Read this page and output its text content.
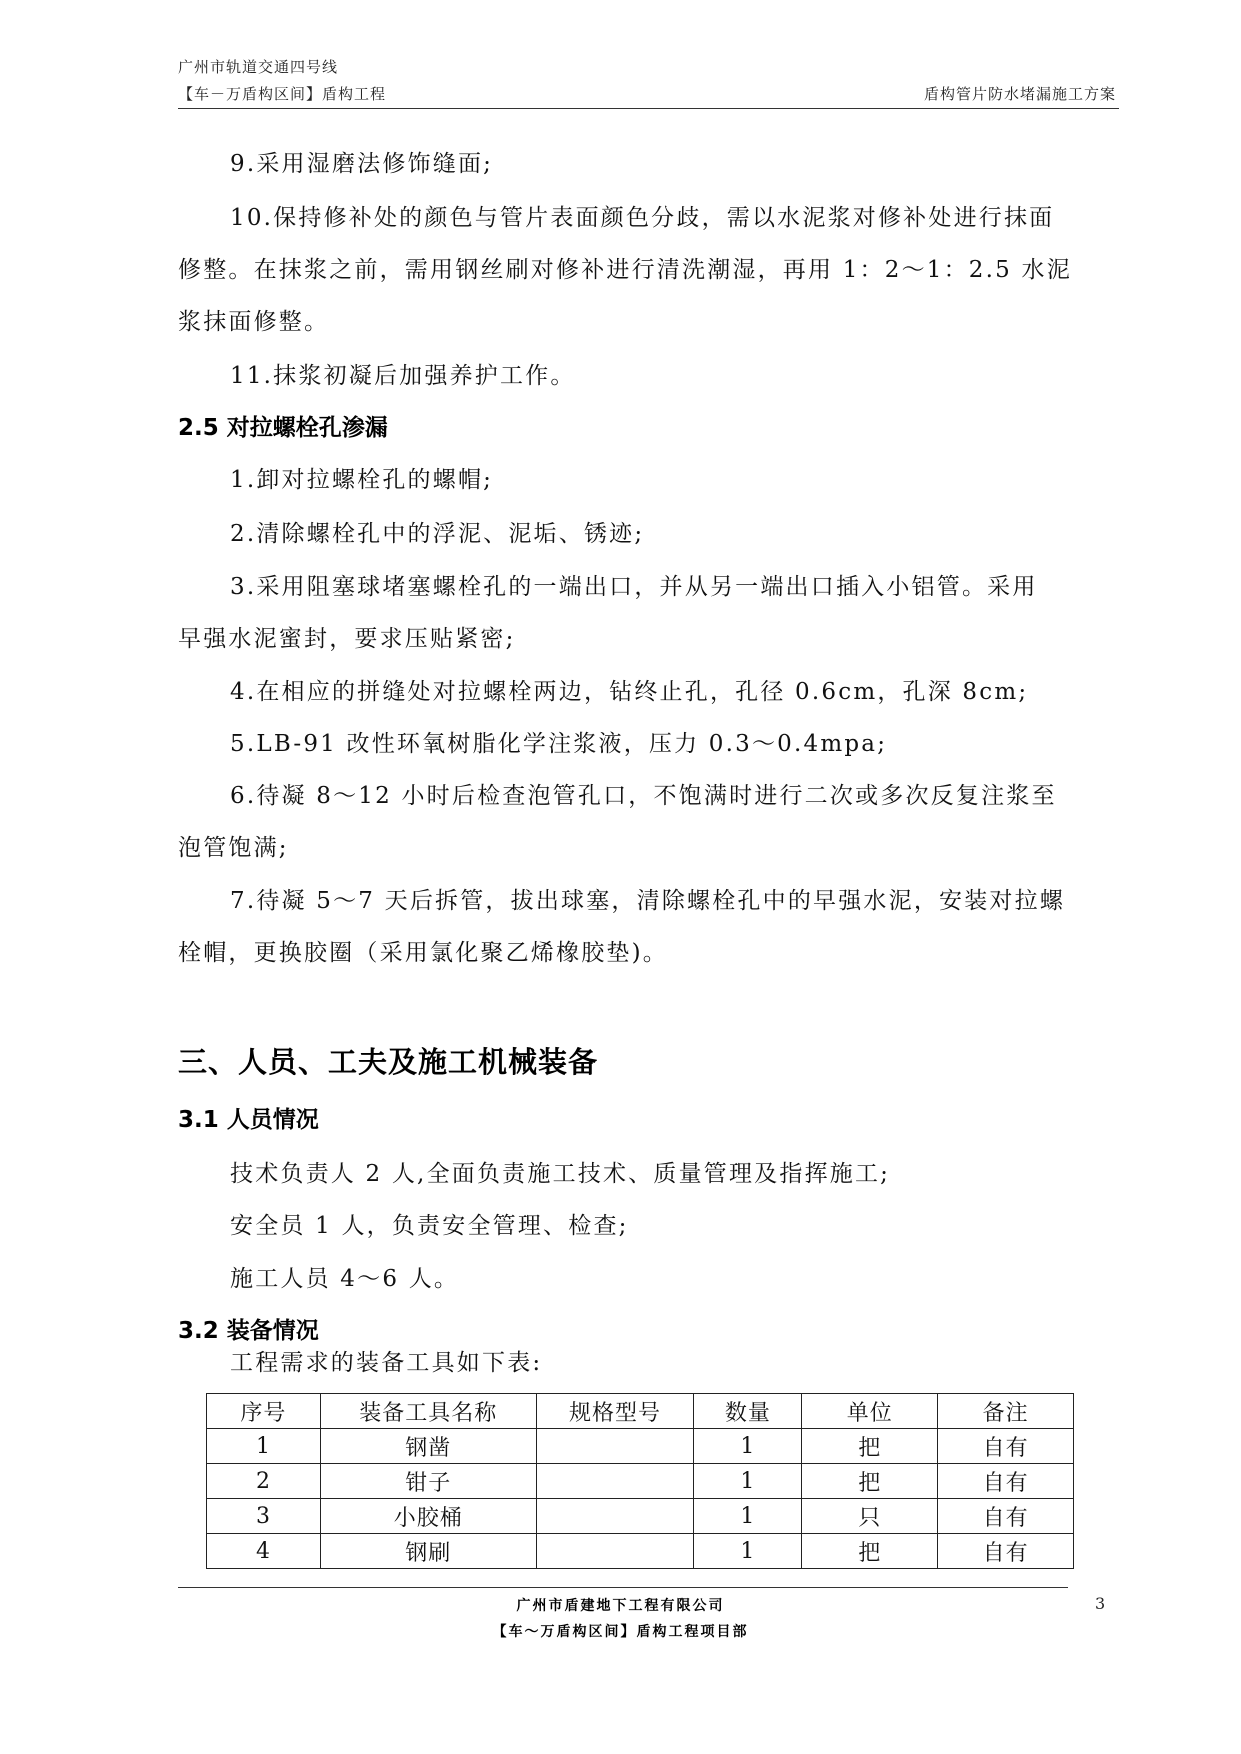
广州市轨道交通四号线
【车－万盾构区间】盾构工程	盾构管片防水堵漏施工方案
9.采用湿磨法修饰缝面;
10.保持修补处的颜色与管片表面颜色分歧，需以水泥浆对修补处进行抹面
修整。在抹浆之前，需用钢丝刷对修补进行清洗潮湿，再用 1：2～1：2.5 水泥
浆抹面修整。
11.抹浆初凝后加强养护工作。
2.5 对拉螺栓孔渗漏
1.卸对拉螺栓孔的螺帽;
2.清除螺栓孔中的浮泥、泥垢、锈迹;
3.采用阻塞球堵塞螺栓孔的一端出口，并从另一端出口插入小铝管。采用
早强水泥蜜封，要求压贴紧密;
4.在相应的拼缝处对拉螺栓两边，钻终止孔，孔径 0.6cm，孔深 8cm;
5.LB-91 改性环氧树脂化学注浆液，压力 0.3～0.4mpa;
6.待凝 8～12 小时后检查泡管孔口，不饱满时进行二次或多次反复注浆至
泡管饱满;
7.待凝 5～7 天后拆管，拔出球塞，清除螺栓孔中的早强水泥，安装对拉螺
栓帽，更换胶圈（采用氯化聚乙烯橡胶垫)。
三、人员、工夫及施工机械装备
3.1 人员情况
技术负责人 2 人,全面负责施工技术、质量管理及指挥施工;
安全员 1 人，负责安全管理、检查;
施工人员 4～6 人。
3.2 装备情况
工程需求的装备工具如下表:
序号	装备工具名称	规格型号	数量	单位	备注
1	钢凿		1	把	自有
2	钳子		1	把	自有
3	小胶桶		1	只	自有
4	钢刷		1	把	自有
广州市盾建地下工程有限公司
【车～万盾构区间】盾构工程项目部
3
